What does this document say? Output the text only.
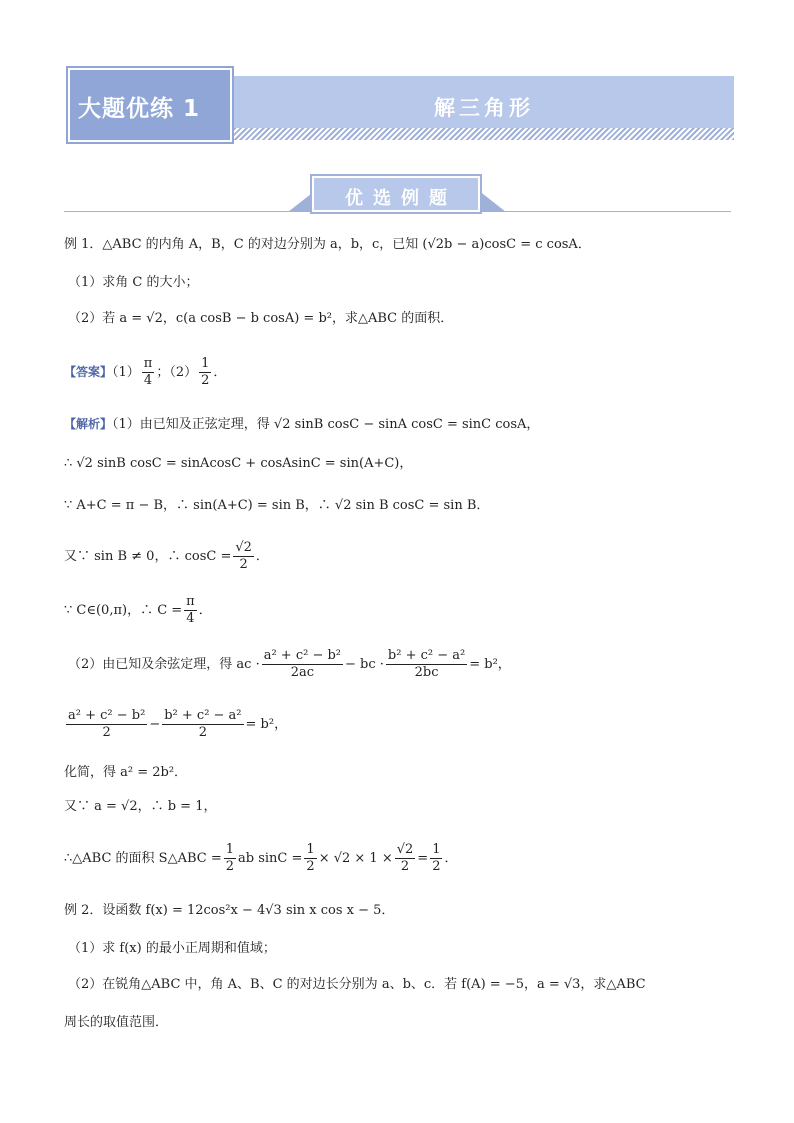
解三角形
大题优练 1
优选例题
例 1．△ABC 的内角 A，B，C 的对边分别为 a，b，c，已知 (√2b − a)cosC = c cosA．
（1）求角 C 的大小；
（2）若 a = √2，c(a cosB − b cosA) = b²，求△ABC 的面积．
【答案】$(1) \frac{\pi}{4}$ ；$(2) \frac{1}{2}$ ．
【解析】（1）由已知及正弦定理，得 √2 sinB cosC − sinA cosC = sinC cosA，
∴ √2 sinB cosC = sinAcosC + cosAsinC = sin(A+C)，
∵ A+C = π − B，∴ sin(A+C) = sin B，∴ √2 sin B cosC = sin B．
又∵ sin B ≠ 0，∴ $\cos C = \frac{√2}{2}$ ．
∵ C∈(0,π)，∴ $C = \frac{\pi}{4}$ ．
（2）由已知及余弦定理，得 ac · $\frac{\text{a² + c² − b²}}{2ac}$ − bc · $\frac{\text{b² + c² − a²}}{2bc} = b^2$，
$\frac{\text{a² + c² − b²}}{2} - \frac{\text{b² + c² − a²}}{2} = b^2$，
化简，得 a² = 2b²．
又∵ a = √2，∴ b = 1，
∴△ABC 的面积 S△ABC = $\frac{1}{2}$ ab $\sin C = \frac{1}{2} \times √2 \times 1 \times \frac{√2}{2} = \frac{1}{2}$ ．
例 2．设函数 f(x) = 12cos²x − 4√3 sin x cos x − 5．
（1）求 f(x) 的最小正周期和值域；
（2）在锐角△ABC 中，角 A、B、C 的对边长分别为 a、b、c．若 f(A) = −5，a = √3，求△ABC
周长的取值范围．
